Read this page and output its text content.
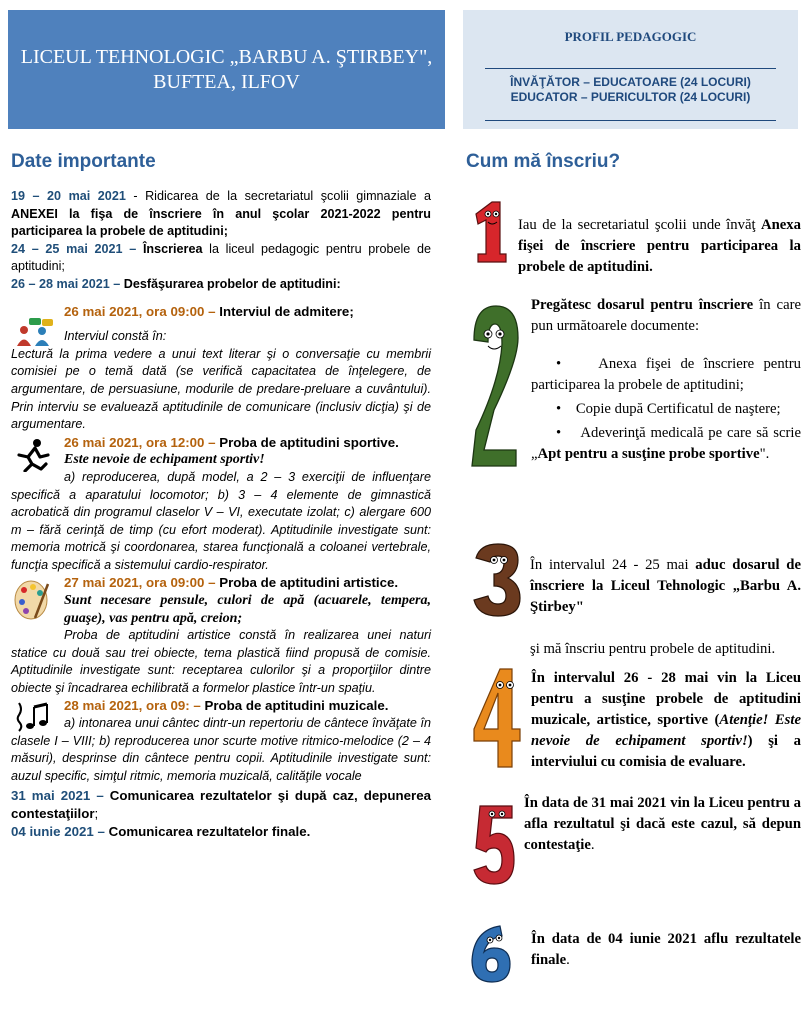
LICEUL TEHNOLOGIC „BARBU A. ŞTIRBEY",
BUFTEA, ILFOV
PROFIL PEDAGOGIC
ÎNVĂŢĂTOR – EDUCATOARE (24 LOCURI)
EDUCATOR – PUERICULTOR (24 LOCURI)
Date importante	Cum mă înscriu?

19 – 20 mai 2021 - Ridicarea de la secretariatul şcolii gimnaziale a ANEXEI la fişa de înscriere în anul şcolar 2021-2022 pentru participarea la probele de aptitudini;

24 – 25 mai 2021 – Înscrierea la liceul pedagogic pentru probele de aptitudini;

26 – 28 mai 2021 – Desfăşurarea probelor de aptitudini:

26 mai 2021, ora 09:00 – Interviul de admitere;

Interviul constă în:

Lectură la prima vedere a unui text literar şi o conversaţie cu membrii comisiei pe o temă dată (se verifică capacitatea de înţelegere, de argumentare, de persuasiune, modurile de predare-preluare a cuvântului). Prin interviu se evaluează aptitudinile de comunicare (inclusiv dicţia) şi de argumentare.

26 mai 2021, ora 12:00 – Proba de aptitudini sportive.

Este nevoie de echipament sportiv!

a) reproducerea, după model, a 2 – 3 exerciţii de influenţare specifică a aparatului locomotor; b) 3 – 4 elemente de gimnastică acrobatică din programul claselor V – VI, executate izolat; c) alergare 600 m – fără cerinţă de timp (cu efort moderat). Aptitudinile investigate sunt: memoria motrică şi coordonarea, starea funcţională a coloanei vertebrale, funcţia specifică a sistemului cardio-respirator.

27 mai 2021, ora 09:00 – Proba de aptitudini artistice.

Sunt necesare pensule, culori de apă (acuarele, tempera, guaşe), vas pentru apă, creion;

Proba de aptitudini artistice constă în realizarea unei naturi statice cu două sau trei obiecte, tema plastică fiind propusă de comisie. Aptitudinile investigate sunt: receptarea culorilor şi a proporţiilor dintre obiecte şi încadrarea echilibrată a formelor plastice într-un spaţiu.

28 mai 2021, ora 09: – Proba de aptitudini muzicale.

a) intonarea unui cântec dintr-un repertoriu de cântece învăţate în clasele I – VIII; b) reproducerea unor scurte motive ritmico-melodice (2 – 4 măsuri), desprinse din cântece pentru copii. Aptitudinile investigate sunt: auzul specific, simţul ritmic, memoria muzicală, calităţile vocale

31 mai 2021 – Comunicarea rezultatelor şi după caz, depunerea contestaţiilor;

04 iunie 2021 – Comunicarea rezultatelor finale.

Iau de la secretariatul şcolii unde învăţ Anexa fişei de înscriere pentru participarea la probele de aptitudini.

Pregătesc dosarul pentru înscriere în care pun următoarele documente:

•    Anexa fişei de înscriere pentru participarea la probele de aptitudini;

•    Copie după Certificatul de naştere;

•    Adeverinţă medicală pe care să scrie „Apt pentru a susţine probe sportive".

În intervalul 24 - 25 mai aduc dosarul de înscriere la Liceul Tehnologic „Barbu A. Ştirbey"

şi mă înscriu pentru probele de aptitudini.

În intervalul 26 - 28 mai vin la Liceu pentru a susţine probele de aptitudini muzicale, artistice, sportive (Atenţie! Este nevoie de echipament sportiv!) şi a interviului cu comisia de evaluare.

În data de 31 mai 2021 vin la Liceu pentru a afla rezultatul şi dacă este cazul, să depun contestaţie.

În data de 04 iunie 2021 aflu rezultatele finale.
